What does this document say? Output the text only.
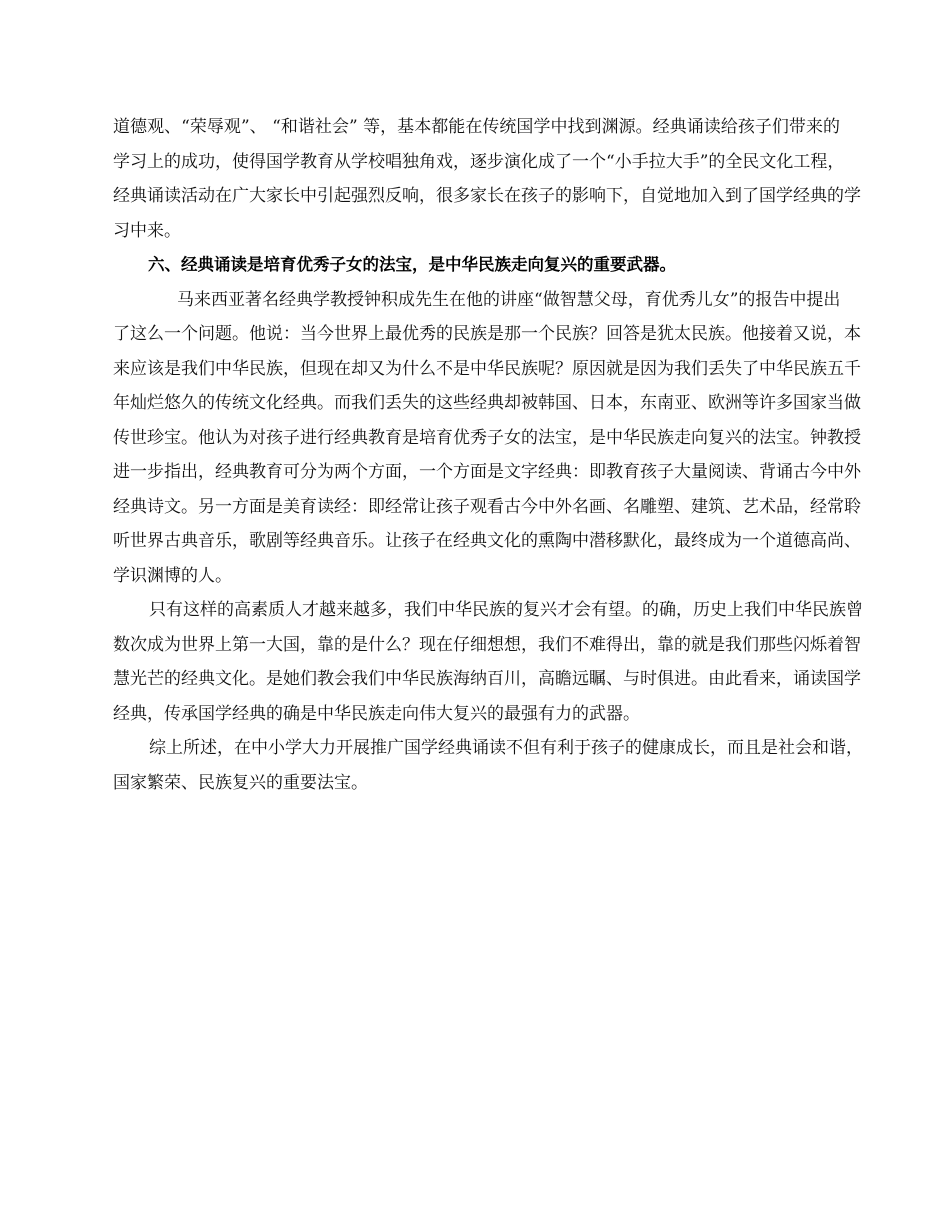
道德观、“荣辱观”、 “和谐社会” 等，基本都能在传统国学中找到渊源。经典诵读给孩子们带来的
学习上的成功，使得国学教育从学校唱独角戏，逐步演化成了一个“小手拉大手”的全民文化工程，
经典诵读活动在广大家长中引起强烈反响，很多家长在孩子的影响下，自觉地加入到了国学经典的学
习中来。
六、经典诵读是培育优秀子女的法宝，是中华民族走向复兴的重要武器。
马来西亚著名经典学教授钟积成先生在他的讲座“做智慧父母，育优秀儿女”的报告中提出
了这么一个问题。他说：当今世界上最优秀的民族是那一个民族？回答是犹太民族。他接着又说，本
来应该是我们中华民族，但现在却又为什么不是中华民族呢？原因就是因为我们丢失了中华民族五千
年灿烂悠久的传统文化经典。而我们丢失的这些经典却被韩国、日本，东南亚、欧洲等许多国家当做
传世珍宝。他认为对孩子进行经典教育是培育优秀子女的法宝，是中华民族走向复兴的法宝。钟教授
进一步指出，经典教育可分为两个方面，一个方面是文字经典：即教育孩子大量阅读、背诵古今中外
经典诗文。另一方面是美育读经：即经常让孩子观看古今中外名画、名雕塑、建筑、艺术品，经常聆
听世界古典音乐，歌剧等经典音乐。让孩子在经典文化的熏陶中潜移默化，最终成为一个道德高尚、
学识渊博的人。
只有这样的高素质人才越来越多，我们中华民族的复兴才会有望。的确，历史上我们中华民族曾
数次成为世界上第一大国，靠的是什么？现在仔细想想，我们不难得出，靠的就是我们那些闪烁着智
慧光芒的经典文化。是她们教会我们中华民族海纳百川，高瞻远瞩、与时俱进。由此看来，诵读国学
经典，传承国学经典的确是中华民族走向伟大复兴的最强有力的武器。
综上所述，在中小学大力开展推广国学经典诵读不但有利于孩子的健康成长，而且是社会和谐，
国家繁荣、民族复兴的重要法宝。
